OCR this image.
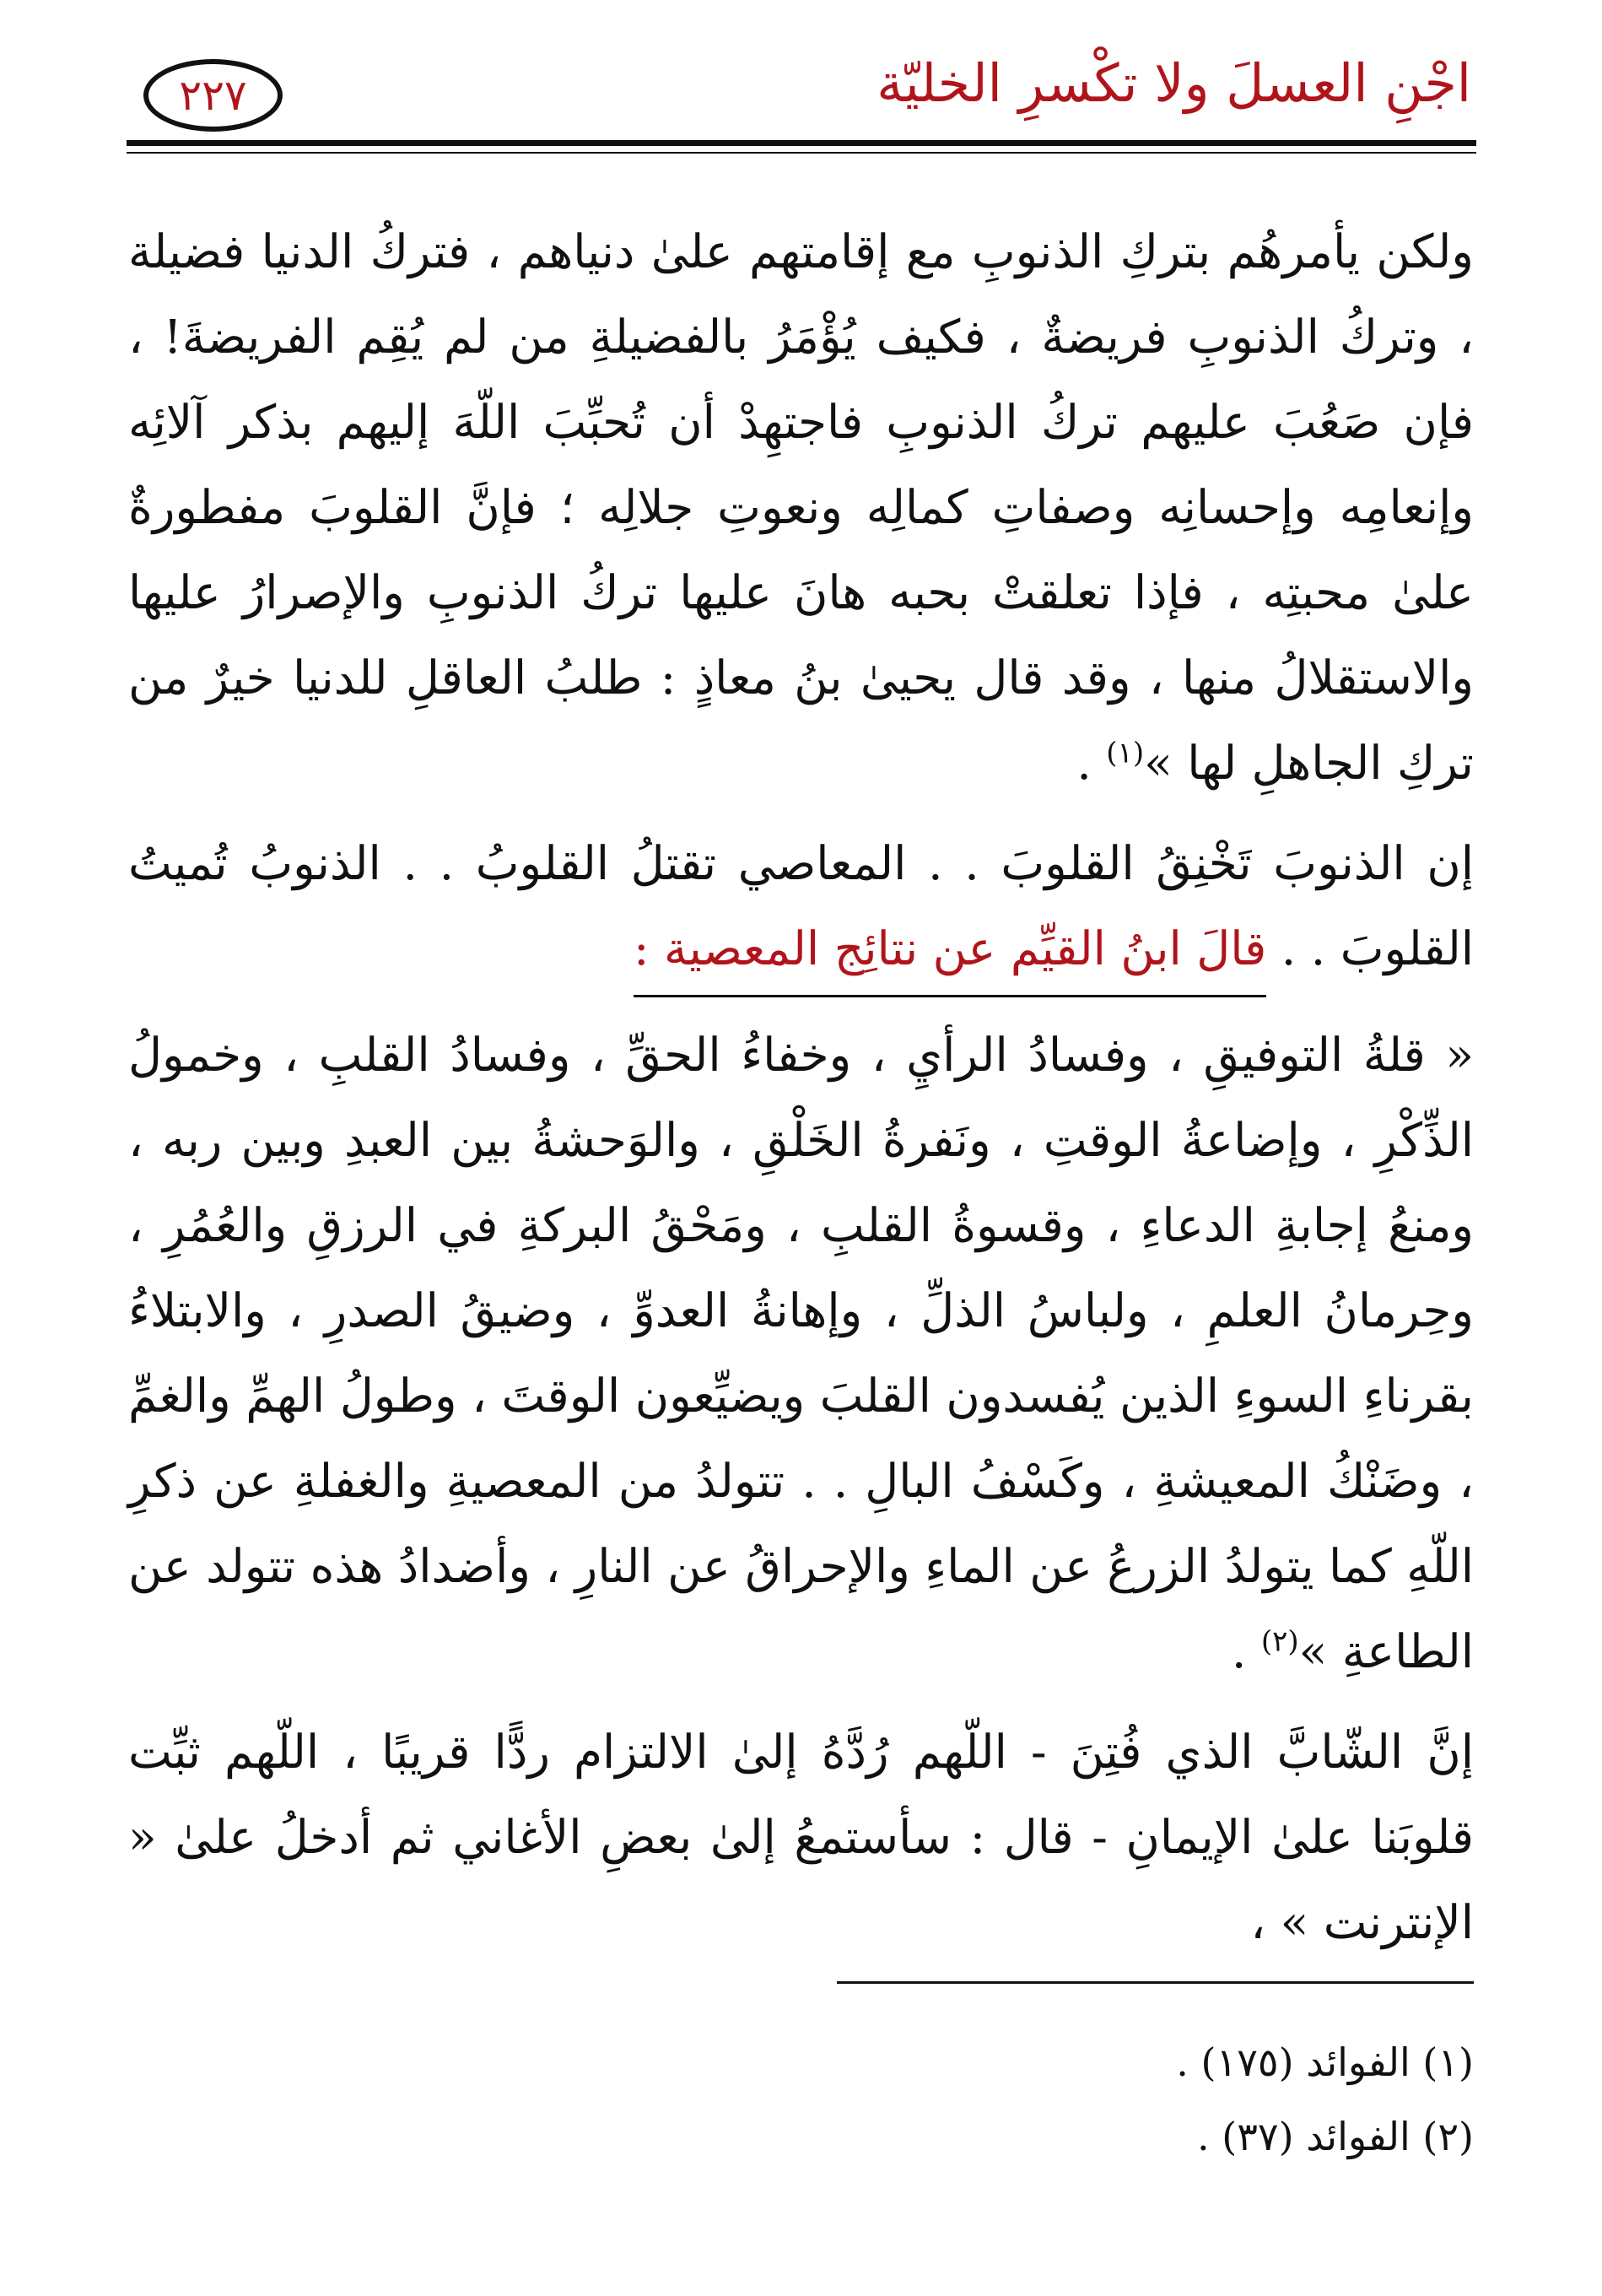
اجْنِ العسلَ ولا تكْسرِ الخليّة
٢٢٧

ولكن يأمرهُم بتركِ الذنوبِ مع إقامتهم علىٰ دنياهم ، فتركُ الدنيا فضيلة ، وتركُ الذنوبِ فريضةٌ ، فكيف يُؤْمَرُ بالفضيلةِ من لم يُقِم الفريضةَ! ، فإن صَعُبَ عليهم تركُ الذنوبِ فاجتهِدْ أن تُحبِّبَ اللّهَ إليهم بذكر آلائِه وإنعامِه وإحسانِه وصفاتِ كمالِه ونعوتِ جلالِه ؛ فإنَّ القلوبَ مفطورةٌ علىٰ محبتِه ، فإذا تعلقتْ بحبه هانَ عليها تركُ الذنوبِ والإصرارُ عليها والاستقلالُ منها ، وقد قال يحيىٰ بنُ معاذٍ : طلبُ العاقلِ للدنيا خيرٌ من تركِ الجاهلِ لها »$^{(١)}$ .

إن الذنوبَ تَخْنِقُ القلوبَ . . المعاصي تقتلُ القلوبُ . . الذنوبُ تُميتُ القلوبَ . . قالَ ابنُ القيِّم عن نتائِج المعصية :

« قلةُ التوفيقِ ، وفسادُ الرأيِ ، وخفاءُ الحقِّ ، وفسادُ القلبِ ، وخمولُ الذِّكْرِ ، وإضاعةُ الوقتِ ، ونَفرةُ الخَلْقِ ، والوَحشةُ بين العبدِ وبين ربه ، ومنعُ إجابةِ الدعاءِ ، وقسوةُ القلبِ ، ومَحْقُ البركةِ في الرزقِ والعُمُرِ ، وحِرمانُ العلمِ ، ولباسُ الذلِّ ، وإهانةُ العدوِّ ، وضيقُ الصدرِ ، والابتلاءُ بقرناءِ السوءِ الذين يُفسدون القلبَ ويضيِّعون الوقتَ ، وطولُ الهمِّ والغمِّ ، وضَنْكُ المعيشةِ ، وكَسْفُ البالِ . . تتولدُ من المعصيةِ والغفلةِ عن ذكرِ اللّهِ كما يتولدُ الزرعُ عن الماءِ والإحراقُ عن النارِ ، وأضدادُ هذه تتولد عن الطاعةِ »$^{(٢)}$ .

إنَّ الشّابَّ الذي فُتِنَ - اللّهم رُدَّهُ إلىٰ الالتزام ردًّا قريبًا ، اللّهم ثبِّت قلوبَنا علىٰ الإيمانِ - قال : سأستمعُ إلىٰ بعضِ الأغاني ثم أدخلُ علىٰ « الإنترنت » ،

(١) الفوائد (١٧٥) .

(٢) الفوائد (٣٧) .
